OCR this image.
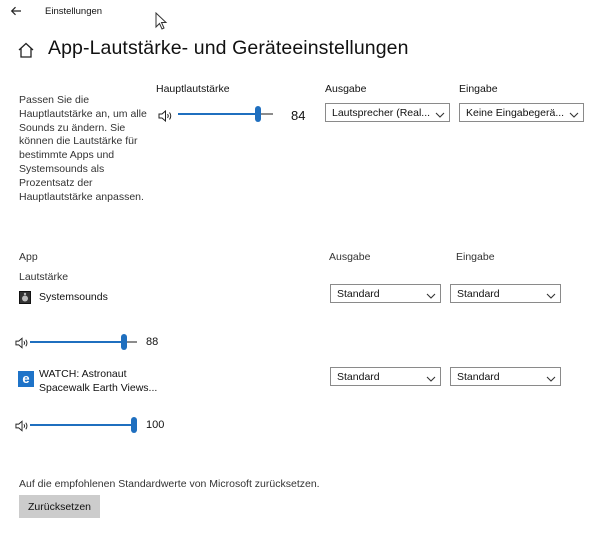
Einstellungen
App-Lautstärke- und Geräteeinstellungen
Passen Sie die Hauptlautstärke an, um alle Sounds zu ändern. Sie können die Lautstärke für bestimmte Apps und Systemsounds als Prozentsatz der Hauptlautstärke anpassen.
Hauptlautstärke
84
Ausgabe
Lautsprecher (Real...
Eingabe
Keine Eingabegerä...
App
Lautstärke
Ausgabe	Eingabe
Systemsounds	Standard	Standard
88
e WATCH: Astronaut
Spacewalk Earth Views...
Standard	Standard
100
Auf die empfohlenen Standardwerte von Microsoft zurücksetzen.
Zurücksetzen
